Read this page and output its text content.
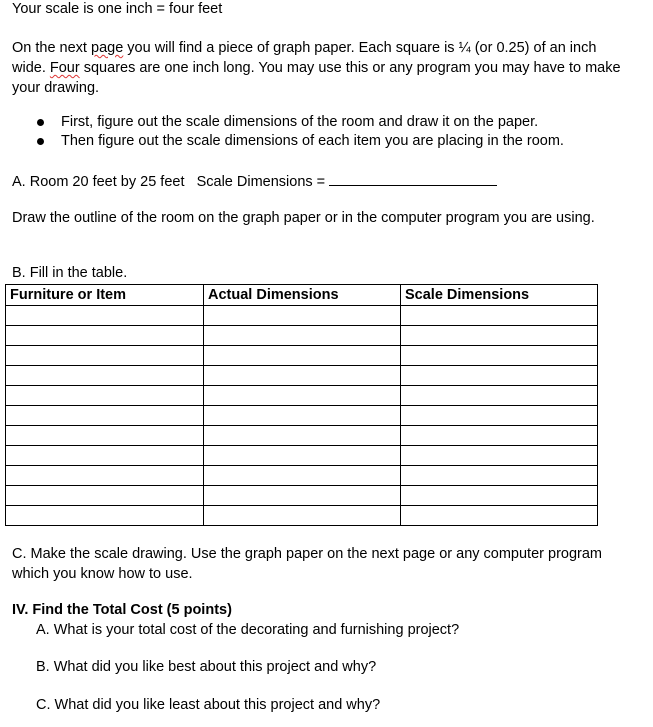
Your scale is one inch = four feet

On the next page you will find a piece of graph paper. Each square is ¼ (or 0.25) of an inch wide. Four squares are one inch long. You may use this or any program you may have to make your drawing.

First, figure out the scale dimensions of the room and draw it on the paper.
Then figure out the scale dimensions of each item you are placing in the room.

A. Room 20 feet by 25 feet Scale Dimensions =

Draw the outline of the room on the graph paper or in the computer program you are using.

B. Fill in the table.

Furniture or Item	Actual Dimensions	Scale Dimensions

C. Make the scale drawing. Use the graph paper on the next page or any computer program which you know how to use.

IV. Find the Total Cost (5 points)

A. What is your total cost of the decorating and furnishing project?

B. What did you like best about this project and why?

C. What did you like least about this project and why?
